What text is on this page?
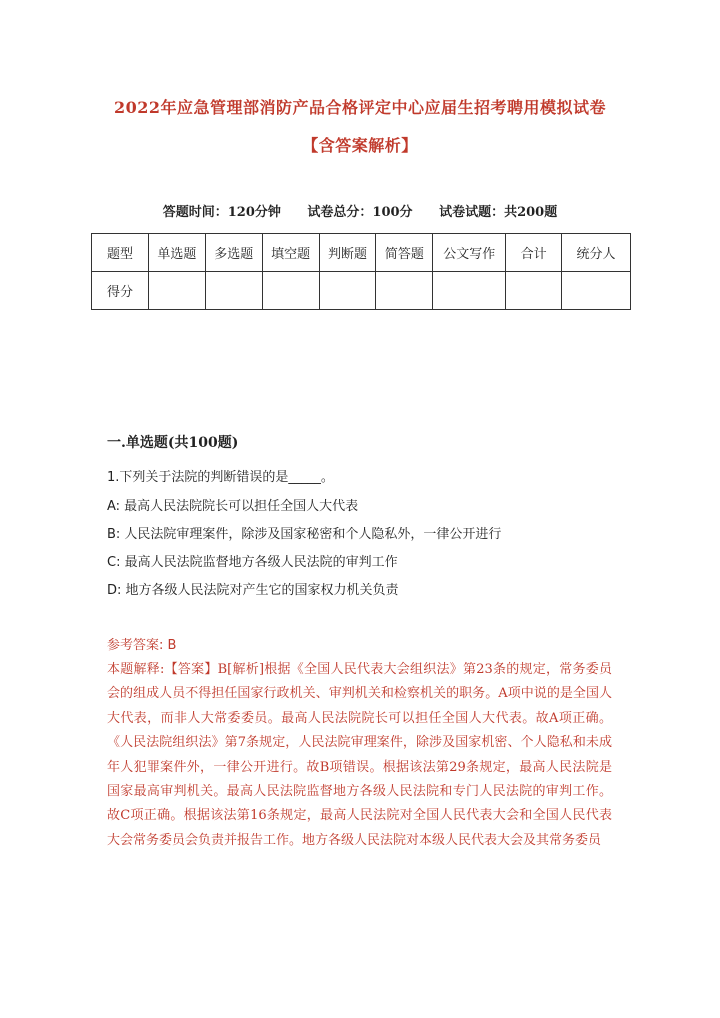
2022年应急管理部消防产品合格评定中心应届生招考聘用模拟试卷
【含答案解析】
答题时间：120分钟 试卷总分：100分 试卷试题：共200题
题型	单选题	多选题	填空题	判断题	简答题	公文写作	合计	统分人
得分								
一.单选题(共100题)
1.下列关于法院的判断错误的是_____。
A: 最高人民法院院长可以担任全国人大代表
B: 人民法院审理案件，除涉及国家秘密和个人隐私外，一律公开进行
C: 最高人民法院监督地方各级人民法院的审判工作
D: 地方各级人民法院对产生它的国家权力机关负责
参考答案: B
本题解释:【答案】B[解析]根据《全国人民代表大会组织法》第23条的规定，常务委员会的组成人员不得担任国家行政机关、审判机关和检察机关的职务。A项中说的是全国人大代表，而非人大常委委员。最高人民法院院长可以担任全国人大代表。故A项正确。《人民法院组织法》第7条规定，人民法院审理案件，除涉及国家机密、个人隐私和未成年人犯罪案件外，一律公开进行。故B项错误。根据该法第29条规定，最高人民法院是国家最高审判机关。最高人民法院监督地方各级人民法院和专门人民法院的审判工作。故C项正确。根据该法第16条规定，最高人民法院对全国人民代表大会和全国人民代表大会常务委员会负责并报告工作。地方各级人民法院对本级人民代表大会及其常务委员
